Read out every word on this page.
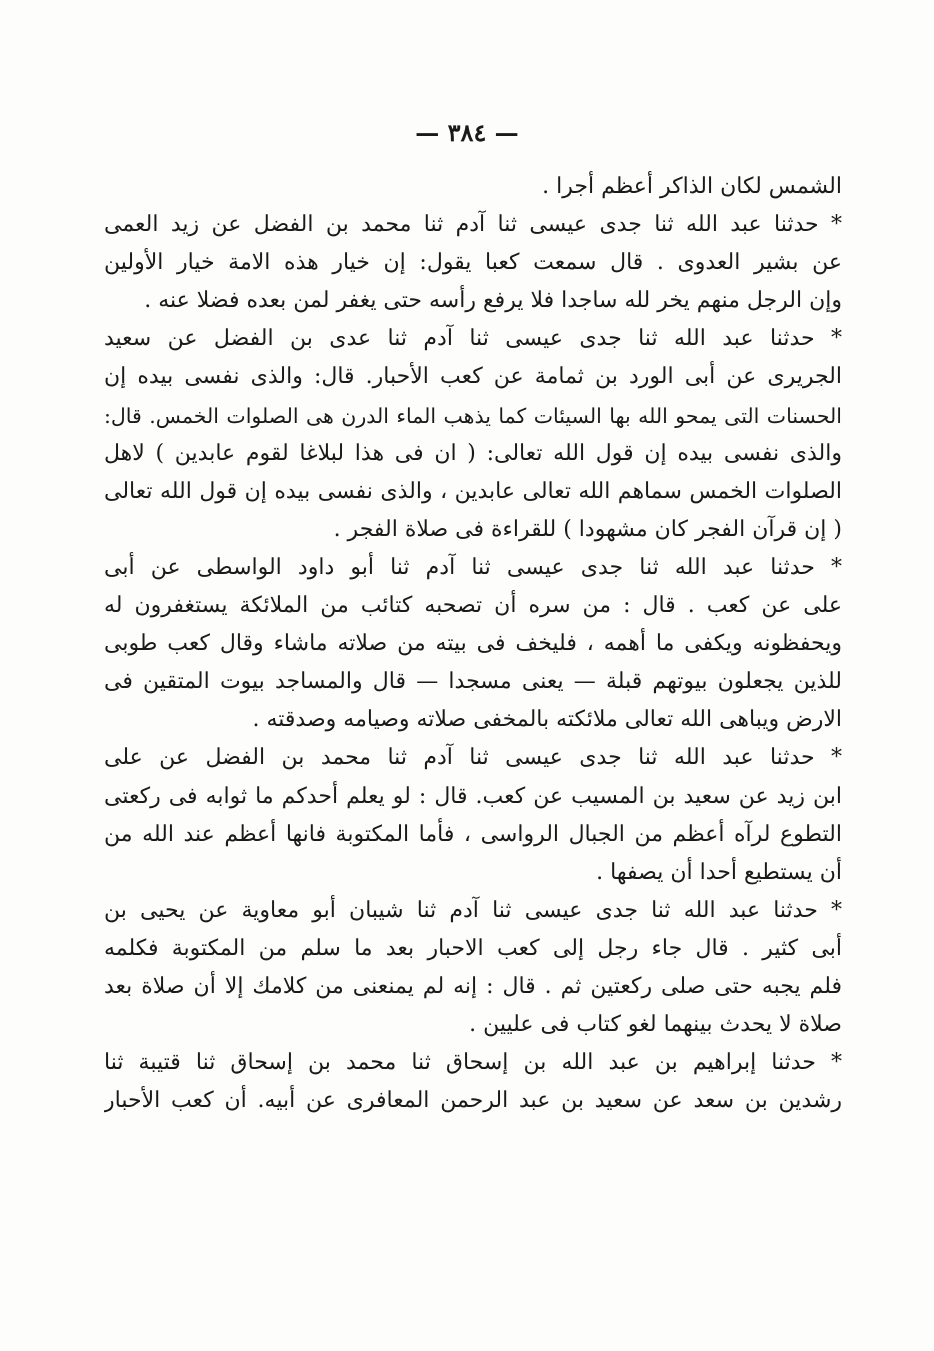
— ٣٨٤ —
الشمس لكان الذاكر أعظم أجرا .
* حدثنا عبد الله ثنا جدى عيسى ثنا آدم ثنا محمد بن الفضل عن زيد العمى
عن بشير العدوى . قال سمعت كعبا يقول: إن خيار هذه الامة خيار الأولين
وإن الرجل منهم يخر لله ساجدا فلا يرفع رأسه حتى يغفر لمن بعده فضلا عنه .
* حدثنا عبد الله ثنا جدى عيسى ثنا آدم ثنا عدى بن الفضل عن سعيد
الجريرى عن أبى الورد بن ثمامة عن كعب الأحبار. قال: والذى نفسى بيده إن
الحسنات التى يمحو الله بها السيئات كما يذهب الماء الدرن هى الصلوات الخمس. قال:
والذى نفسى بيده إن قول الله تعالى: ( ان فى هذا لبلاغا لقوم عابدين ) لاهل
الصلوات الخمس سماهم الله تعالى عابدين ، والذى نفسى بيده إن قول الله تعالى
( إن قرآن الفجر كان مشهودا ) للقراءة فى صلاة الفجر .
* حدثنا عبد الله ثنا جدى عيسى ثنا آدم ثنا أبو داود الواسطى عن أبى
على عن كعب . قال : من سره أن تصحبه كتائب من الملائكة يستغفرون له
ويحفظونه ويكفى ما أهمه ، فليخف فى بيته من صلاته ماشاء وقال كعب طوبى
للذين يجعلون بيوتهم قبلة — يعنى مسجدا — قال والمساجد بيوت المتقين فى
الارض ويباهى الله تعالى ملائكته بالمخفى صلاته وصيامه وصدقته .
* حدثنا عبد الله ثنا جدى عيسى ثنا آدم ثنا محمد بن الفضل عن على
ابن زيد عن سعيد بن المسيب عن كعب. قال : لو يعلم أحدكم ما ثوابه فى ركعتى
التطوع لرآه أعظم من الجبال الرواسى ، فأما المكتوبة فانها أعظم عند الله من
أن يستطيع أحدا أن يصفها .
* حدثنا عبد الله ثنا جدى عيسى ثنا آدم ثنا شيبان أبو معاوية عن يحيى بن
أبى كثير . قال جاء رجل إلى كعب الاحبار بعد ما سلم من المكتوبة فكلمه
فلم يجبه حتى صلى ركعتين ثم . قال : إنه لم يمنعنى من كلامك إلا أن صلاة بعد
صلاة لا يحدث بينهما لغو كتاب فى عليين .
* حدثنا إبراهيم بن عبد الله بن إسحاق ثنا محمد بن إسحاق ثنا قتيبة ثنا
رشدين بن سعد عن سعيد بن عبد الرحمن المعافرى عن أبيه. أن كعب الأحبار
